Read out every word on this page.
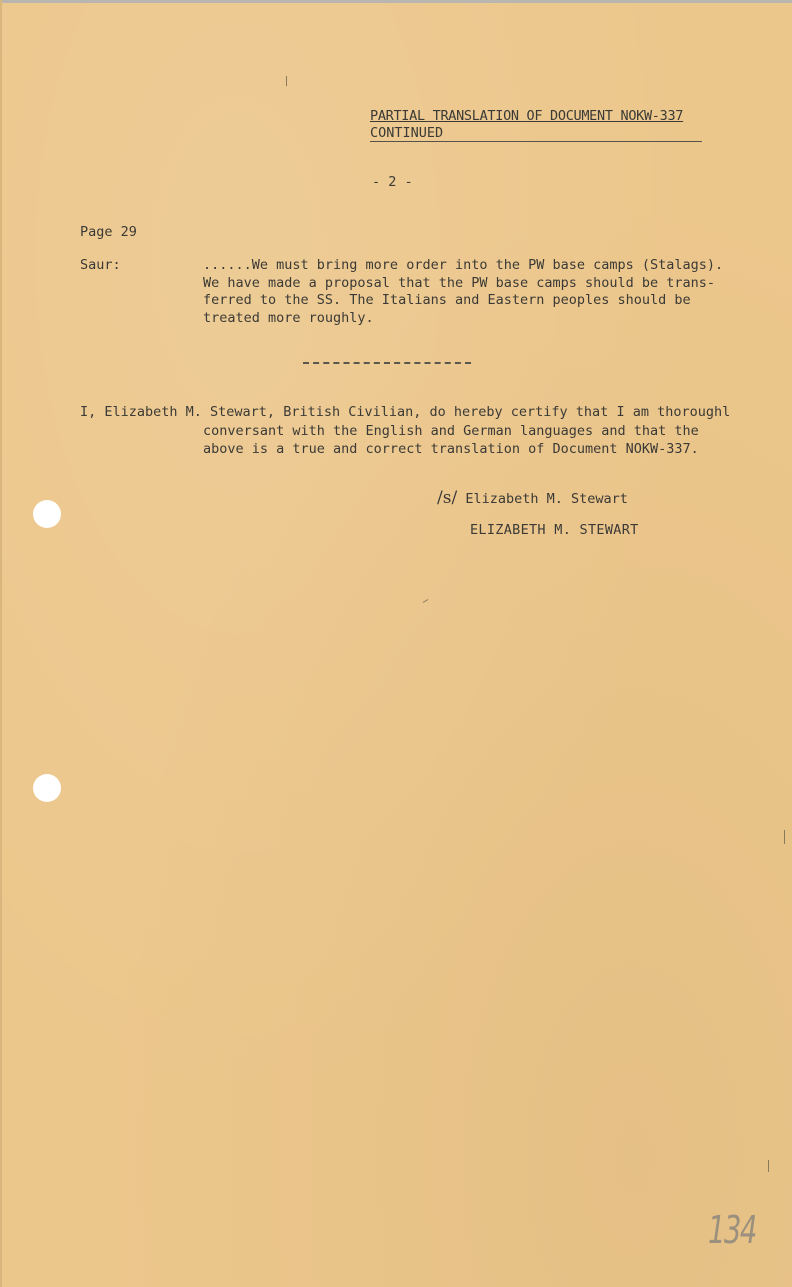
PARTIAL TRANSLATION OF DOCUMENT NOKW-337
CONTINUED
- 2 -
Page 29
Saur:	......We must bring more order into the PW base camps (Stalags).
We have made a proposal that the PW base camps should be trans-
ferred to the SS. The Italians and Eastern peoples should be
treated more roughly.
I, Elizabeth M. Stewart, British Civilian, do hereby certify that I am thoroughl

conversant with the English and German languages and that the
above is a true and correct translation of Document NOKW-337.
/s/ Elizabeth M. Stewart
ELIZABETH M. STEWART
134
